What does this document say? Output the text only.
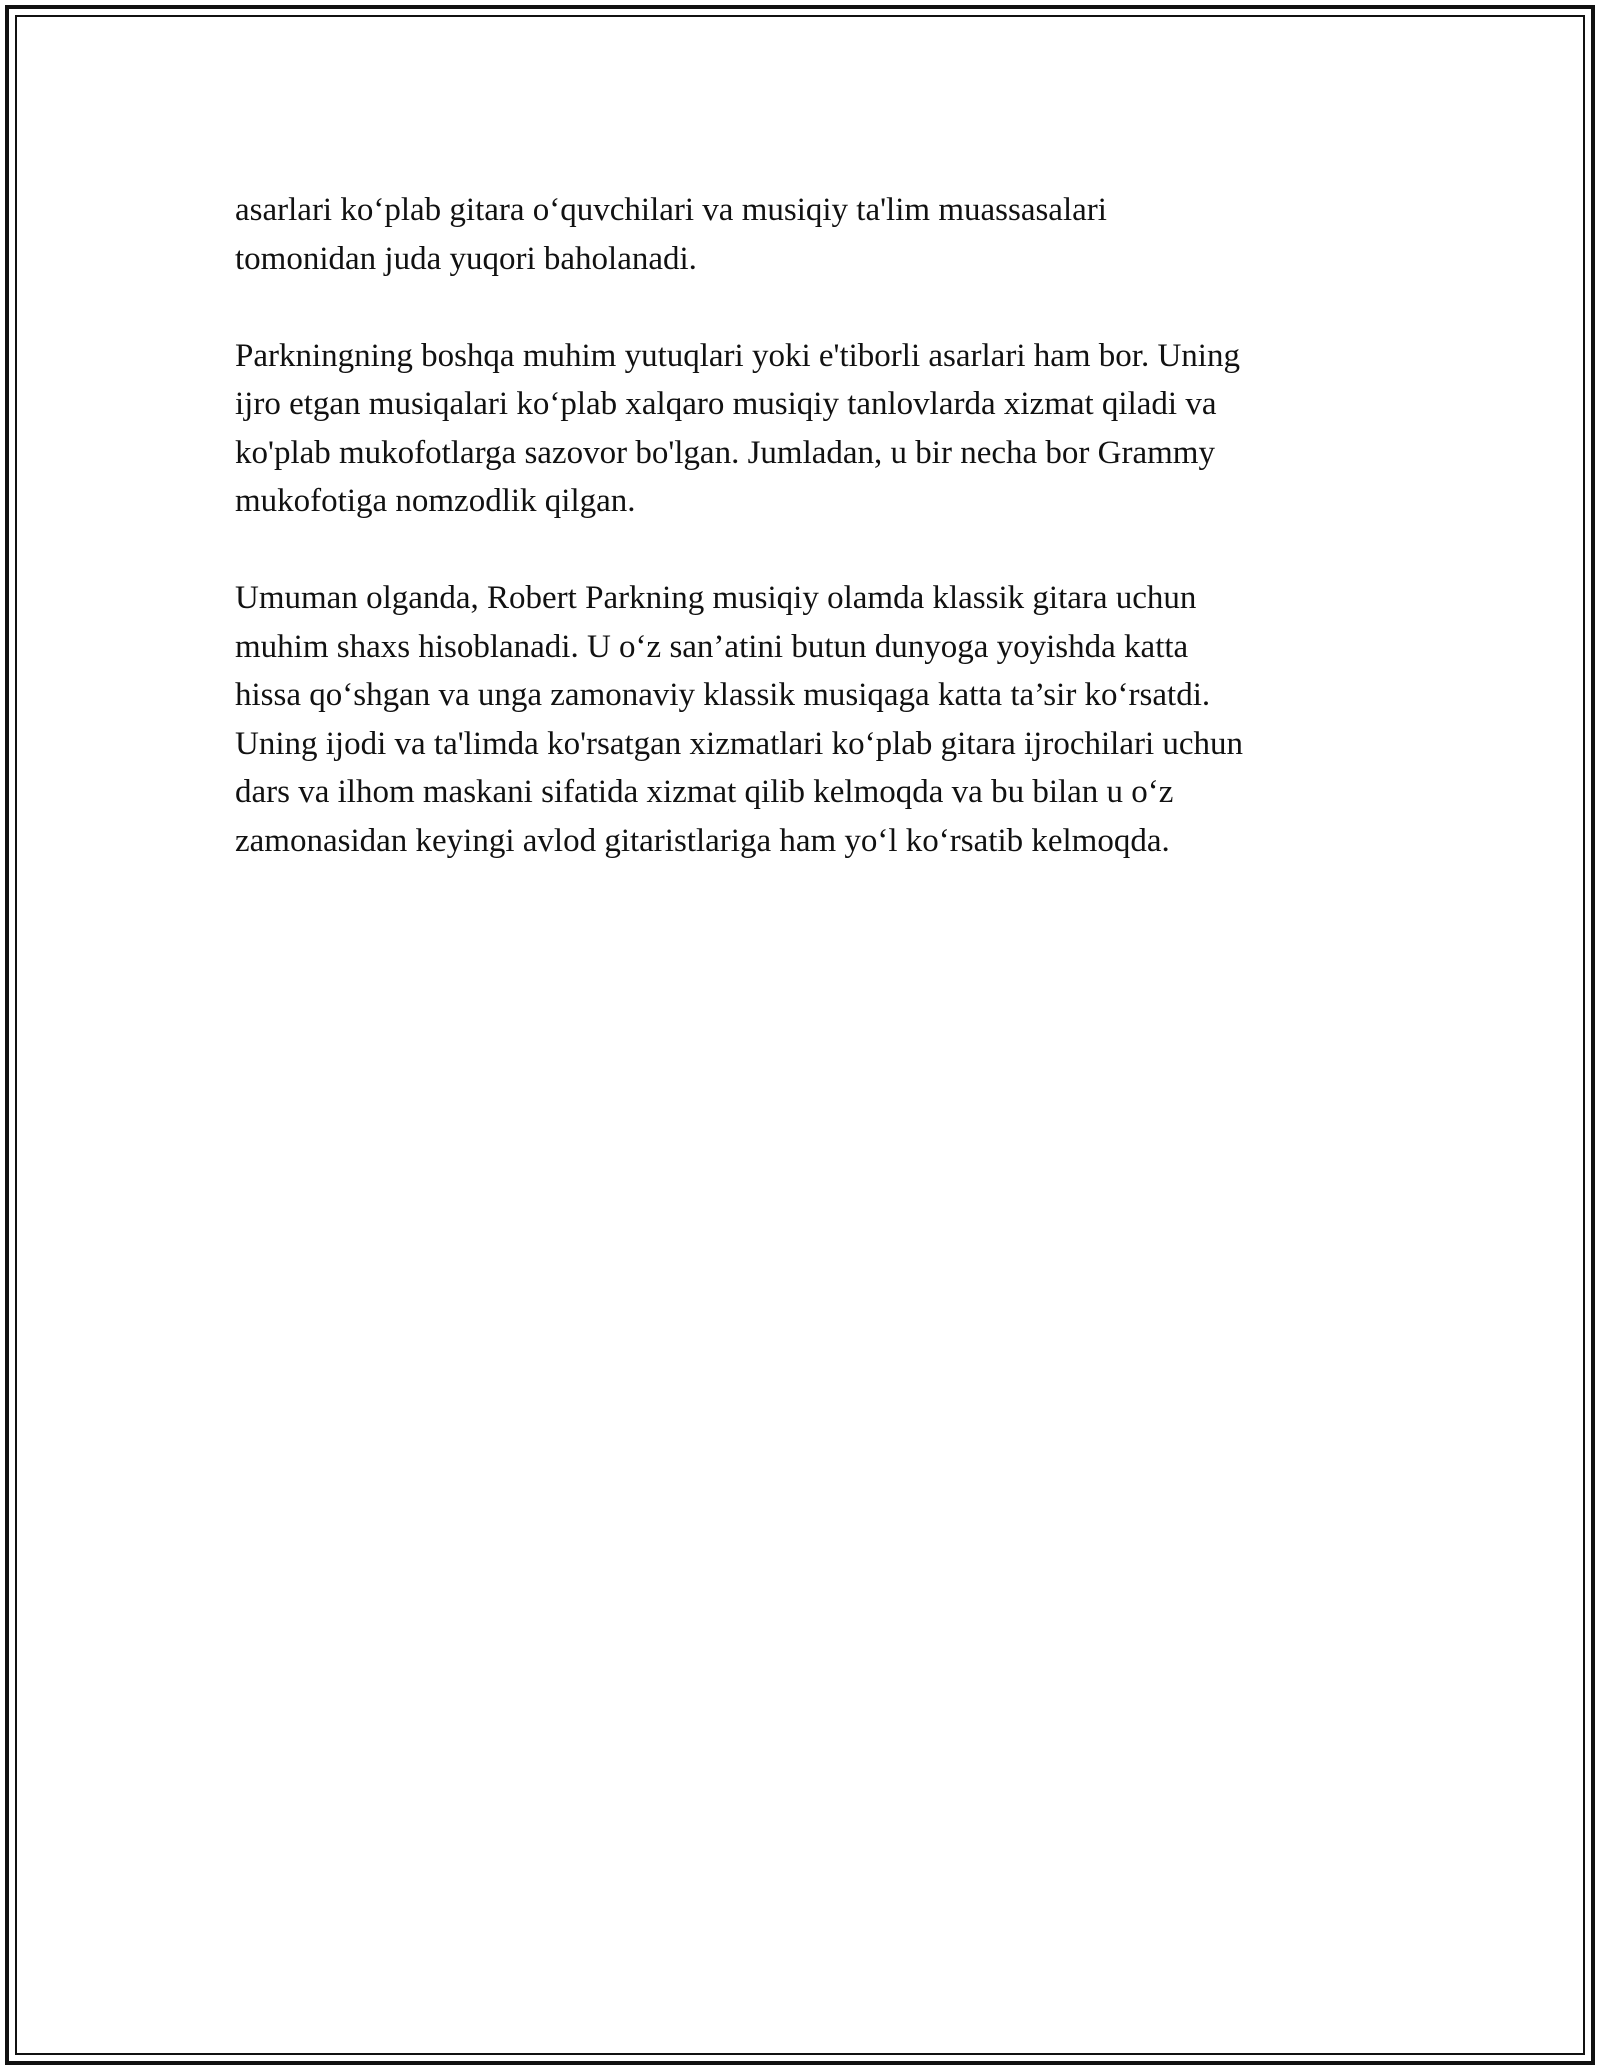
asarlari koʻplab gitara oʻquvchilari va musiqiy ta'lim muassasalari
tomonidan juda yuqori baholanadi.

Parkningning boshqa muhim yutuqlari yoki e'tiborli asarlari ham bor. Uning
ijro etgan musiqalari koʻplab xalqaro musiqiy tanlovlarda xizmat qiladi va
ko'plab mukofotlarga sazovor bo'lgan. Jumladan, u bir necha bor Grammy
mukofotiga nomzodlik qilgan.

Umuman olganda, Robert Parkning musiqiy olamda klassik gitara uchun
muhim shaxs hisoblanadi. U oʻz san’atini butun dunyoga yoyishda katta
hissa qoʻshgan va unga zamonaviy klassik musiqaga katta ta’sir koʻrsatdi.
Uning ijodi va ta'limda ko'rsatgan xizmatlari koʻplab gitara ijrochilari uchun
dars va ilhom maskani sifatida xizmat qilib kelmoqda va bu bilan u oʻz
zamonasidan keyingi avlod gitaristlariga ham yoʻl koʻrsatib kelmoqda.
